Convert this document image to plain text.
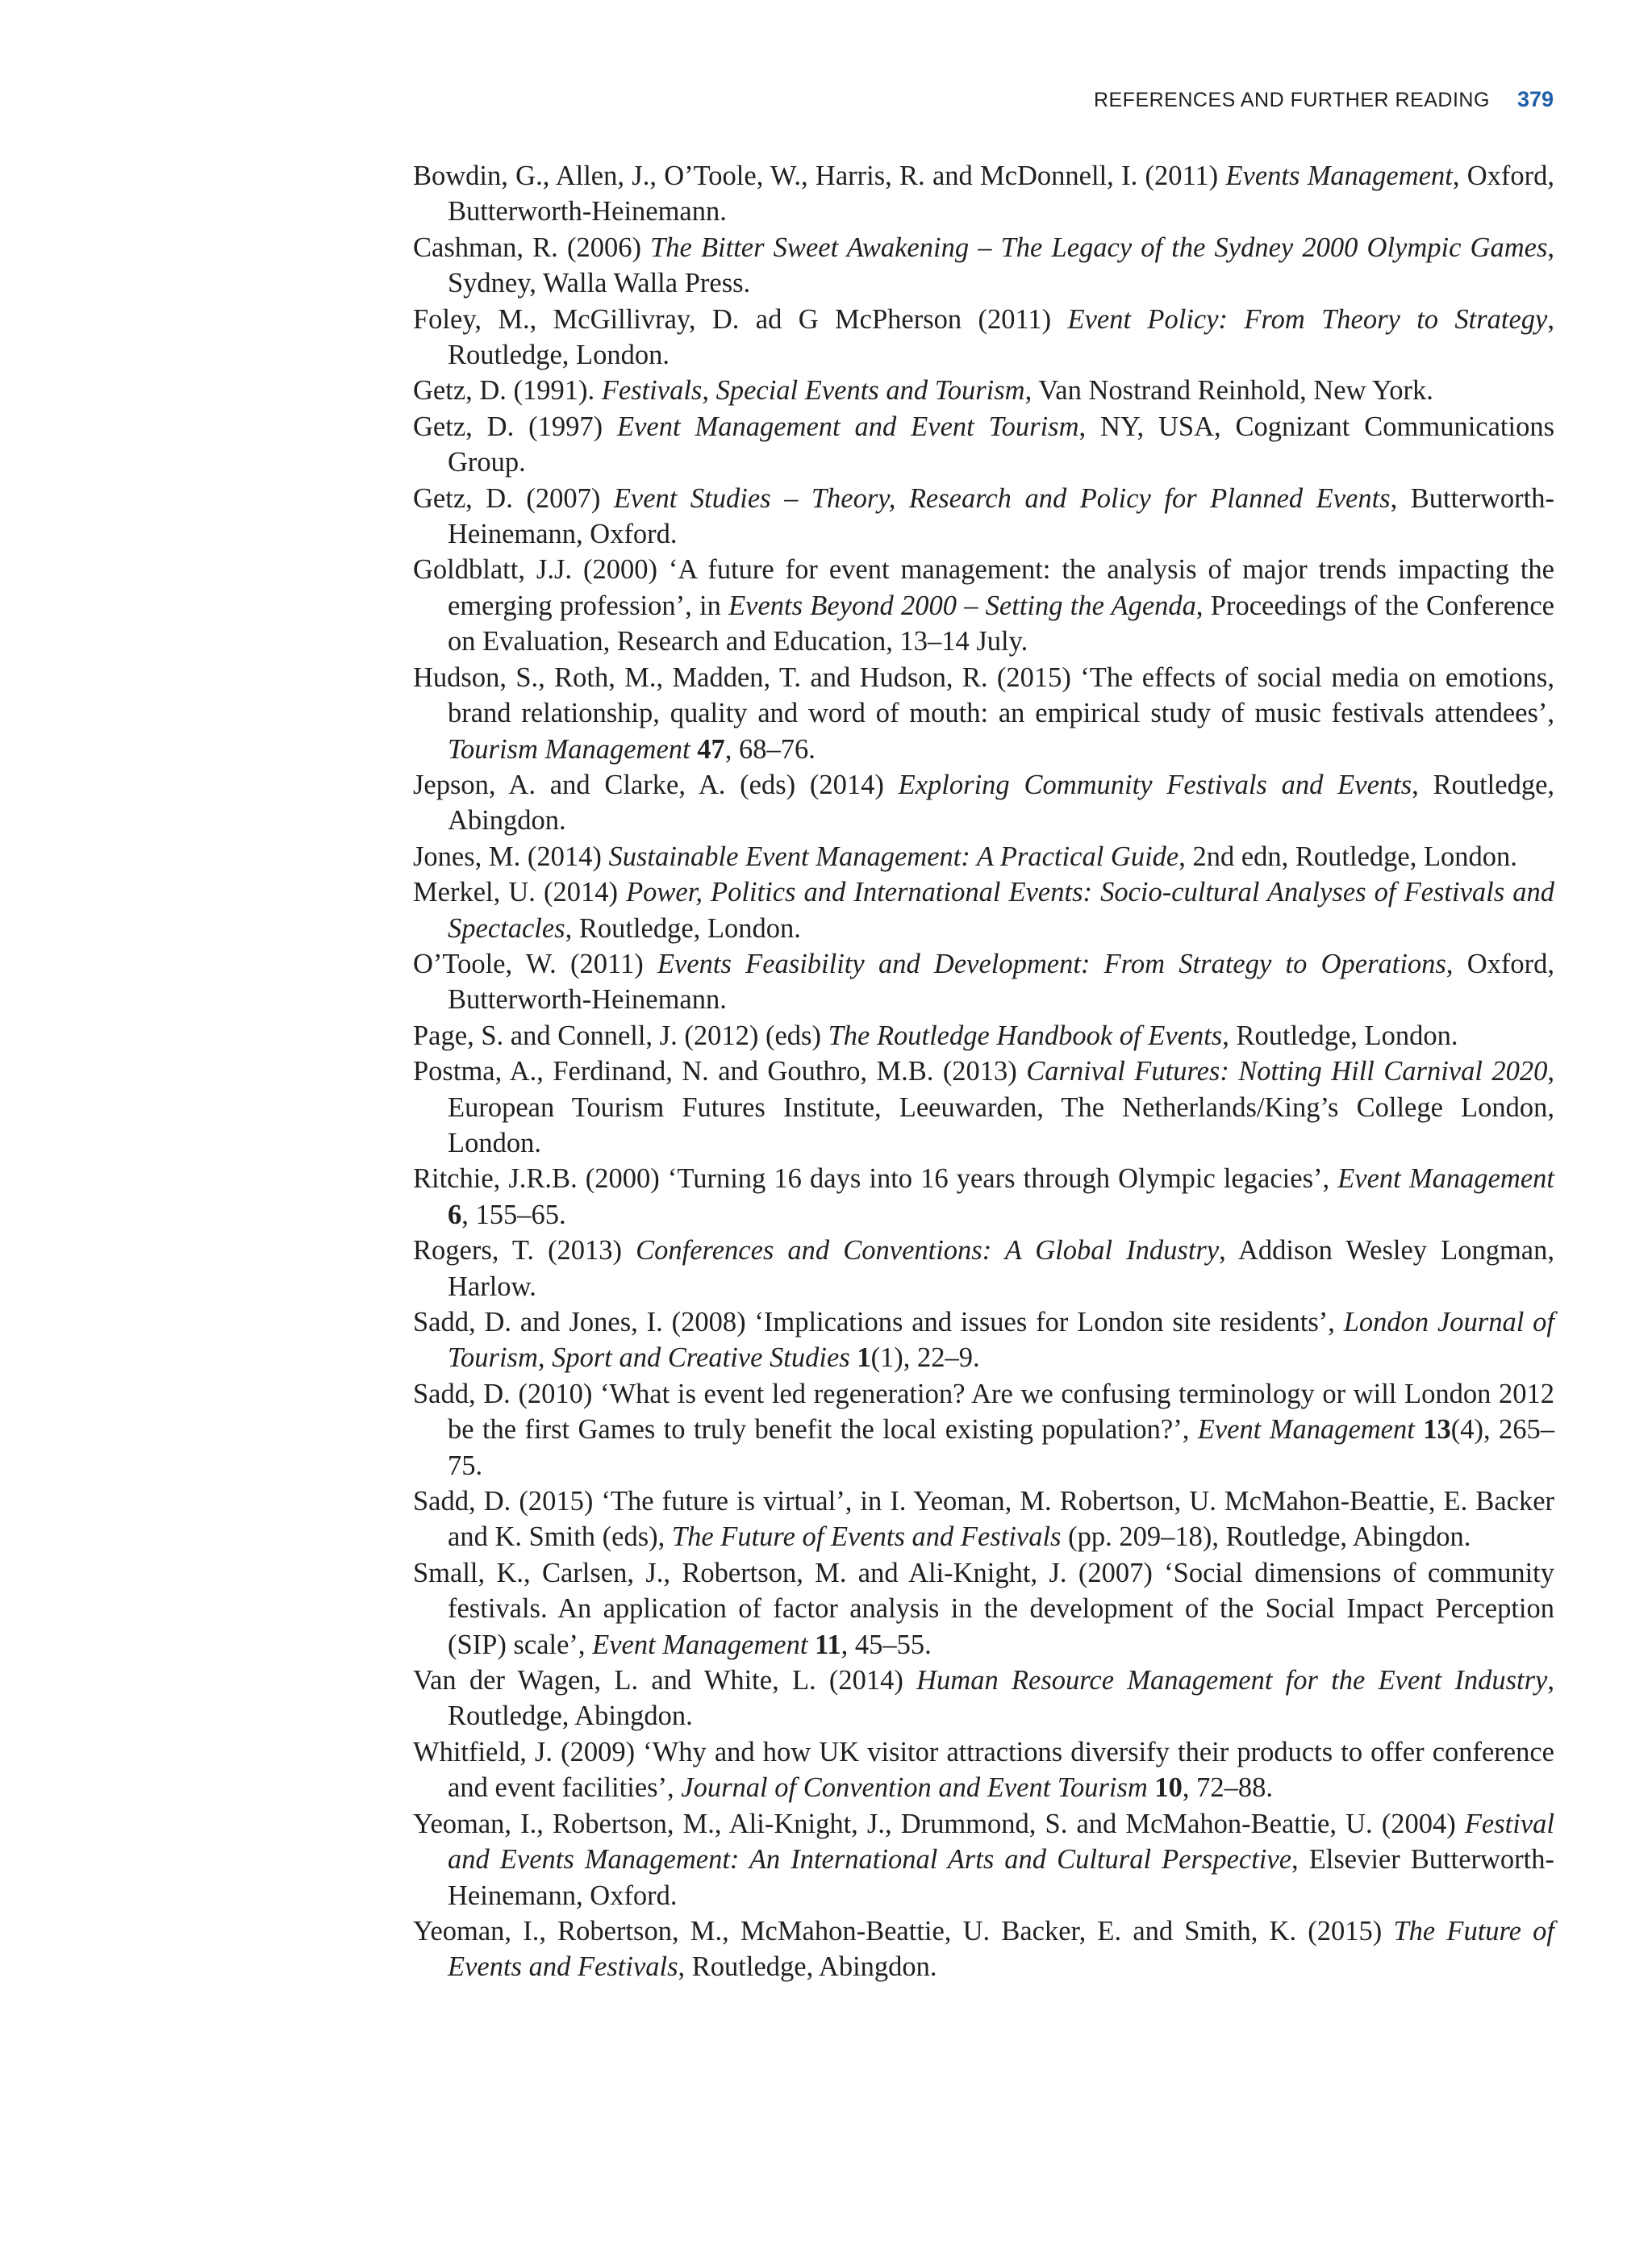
REFERENCES AND FURTHER READING 379
Bowdin, G., Allen, J., O’Toole, W., Harris, R. and McDonnell, I. (2011) Events Management, Oxford, Butterworth-Heinemann.
Cashman, R. (2006) The Bitter Sweet Awakening – The Legacy of the Sydney 2000 Olympic Games, Sydney, Walla Walla Press.
Foley, M., McGillivray, D. ad G McPherson (2011) Event Policy: From Theory to Strategy, Routledge, London.
Getz, D. (1991). Festivals, Special Events and Tourism, Van Nostrand Reinhold, New York.
Getz, D. (1997) Event Management and Event Tourism, NY, USA, Cognizant Communications Group.
Getz, D. (2007) Event Studies – Theory, Research and Policy for Planned Events, Butterworth-Heinemann, Oxford.
Goldblatt, J.J. (2000) ‘A future for event management: the analysis of major trends impacting the emerging profession’, in Events Beyond 2000 – Setting the Agenda, Proceedings of the Conference on Evaluation, Research and Education, 13–14 July.
Hudson, S., Roth, M., Madden, T. and Hudson, R. (2015) ‘The effects of social media on emotions, brand relationship, quality and word of mouth: an empirical study of music festivals attendees’, Tourism Management 47, 68–76.
Jepson, A. and Clarke, A. (eds) (2014) Exploring Community Festivals and Events, Routledge, Abingdon.
Jones, M. (2014) Sustainable Event Management: A Practical Guide, 2nd edn, Routledge, London.
Merkel, U. (2014) Power, Politics and International Events: Socio-cultural Analyses of Festivals and Spectacles, Routledge, London.
O’Toole, W. (2011) Events Feasibility and Development: From Strategy to Operations, Oxford, Butterworth-Heinemann.
Page, S. and Connell, J. (2012) (eds) The Routledge Handbook of Events, Routledge, London.
Postma, A., Ferdinand, N. and Gouthro, M.B. (2013) Carnival Futures: Notting Hill Carnival 2020, European Tourism Futures Institute, Leeuwarden, The Netherlands/King’s College London, London.
Ritchie, J.R.B. (2000) ‘Turning 16 days into 16 years through Olympic legacies’, Event Management 6, 155–65.
Rogers, T. (2013) Conferences and Conventions: A Global Industry, Addison Wesley Longman, Harlow.
Sadd, D. and Jones, I. (2008) ‘Implications and issues for London site residents’, London Journal of Tourism, Sport and Creative Studies 1(1), 22–9.
Sadd, D. (2010) ‘What is event led regeneration? Are we confusing terminology or will London 2012 be the first Games to truly benefit the local existing population?’, Event Management 13(4), 265–75.
Sadd, D. (2015) ‘The future is virtual’, in I. Yeoman, M. Robertson, U. McMahon-Beattie, E. Backer and K. Smith (eds), The Future of Events and Festivals (pp. 209–18), Routledge, Abingdon.
Small, K., Carlsen, J., Robertson, M. and Ali-Knight, J. (2007) ‘Social dimensions of community festivals. An application of factor analysis in the development of the Social Impact Perception (SIP) scale’, Event Management 11, 45–55.
Van der Wagen, L. and White, L. (2014) Human Resource Management for the Event Industry, Routledge, Abingdon.
Whitfield, J. (2009) ‘Why and how UK visitor attractions diversify their products to offer conference and event facilities’, Journal of Convention and Event Tourism 10, 72–88.
Yeoman, I., Robertson, M., Ali-Knight, J., Drummond, S. and McMahon-Beattie, U. (2004) Festival and Events Management: An International Arts and Cultural Perspective, Elsevier Butterworth-Heinemann, Oxford.
Yeoman, I., Robertson, M., McMahon-Beattie, U. Backer, E. and Smith, K. (2015) The Future of Events and Festivals, Routledge, Abingdon.
